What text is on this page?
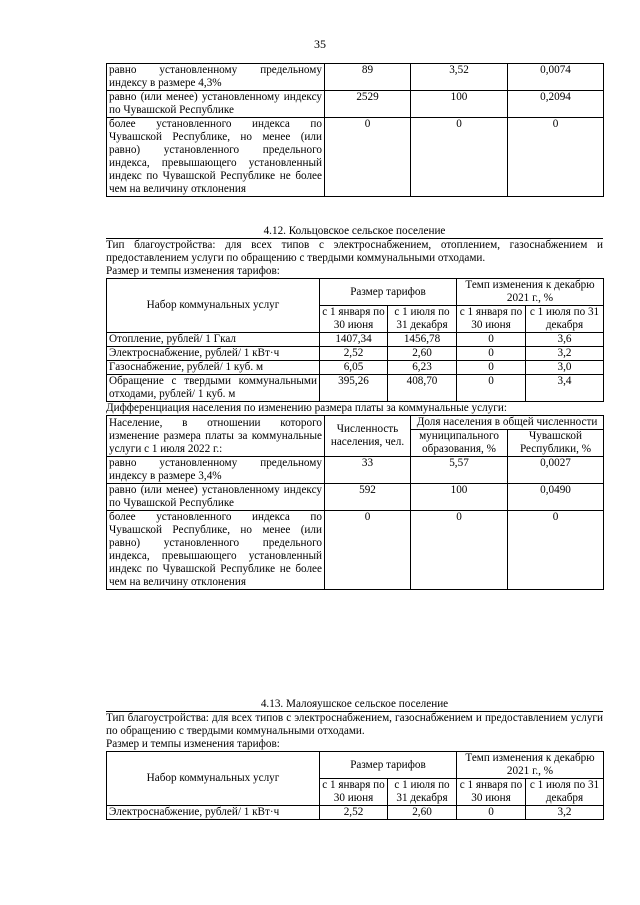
35
равно установленному предельному индексу в размере 4,3%	89	3,52	0,0074
равно (или менее) установленному индексу по Чувашской Республике	2529	100	0,2094
более установленного индекса по Чувашской Республике, но менее (или равно) установленного предельного индекса, превышающего установленный индекс по Чувашской Республике не более чем на величину отклонения	0	0	0
4.12. Кольцовское сельское поселение
Тип благоустройства: для всех типов с электроснабжением, отоплением, газоснабжением и предоставлением услуги по обращению с твердыми коммунальными отходами.
Размер и темпы изменения тарифов:
Набор коммунальных услуг	Размер тарифов		Темп изменения к декабрю 2021 г., %	
	с 1 января по 30 июня	с 1 июля по 31 декабря	с 1 января по 30 июня	с 1 июля по 31 декабря
Отопление, рублей/ 1 Гкал	1407,34	1456,78	0	3,6
Электроснабжение, рублей/ 1 кВт·ч	2,52	2,60	0	3,2
Газоснабжение, рублей/ 1 куб. м	6,05	6,23	0	3,0
Обращение с твердыми коммунальными отходами, рублей/ 1 куб. м	395,26	408,70	0	3,4
Дифференциация населения по изменению размера платы за коммунальные услуги:
Население, в отношении которого изменение размера платы за коммунальные услуги с 1 июля 2022 г.:	Численность населения, чел.	Доля населения в общей численности	
		муниципального образования, %	Чувашской Республики, %
равно установленному предельному индексу в размере 3,4%	33	5,57	0,0027
равно (или менее) установленному индексу по Чувашской Республике	592	100	0,0490
более установленного индекса по Чувашской Республике, но менее (или равно) установленного предельного индекса, превышающего установленный индекс по Чувашской Республике не более чем на величину отклонения	0	0	0
4.13. Малояушское сельское поселение
Тип благоустройства: для всех типов с электроснабжением, газоснабжением и предоставлением услуги по обращению с твердыми коммунальными отходами.
Размер и темпы изменения тарифов:
Набор коммунальных услуг	Размер тарифов		Темп изменения к декабрю 2021 г., %	
	с 1 января по 30 июня	с 1 июля по 31 декабря	с 1 января по 30 июня	с 1 июля по 31 декабря
Электроснабжение, рублей/ 1 кВт·ч	2,52	2,60	0	3,2
